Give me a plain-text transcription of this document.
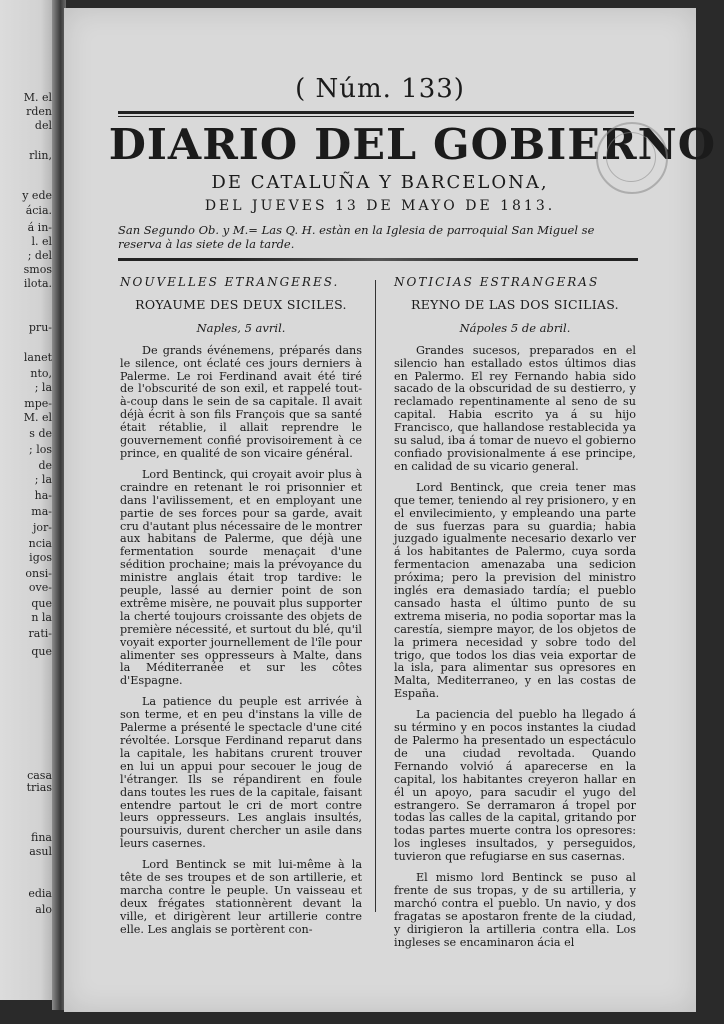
M. el
rden
del
rlin,
y ede
ácia.
á in-
l. el
; del
smos
ilota.
pru-
lanet
nto,
; la
mpe-
M. el
s de
; los
de
; la
ha-
ma-
jor-
ncia
igos
onsi-
ove-
que
n la
rati-
que
casa
trias
fina
asul
edia
alo
( Núm. 133)
DIARIO DEL GOBIERNO
DE CATALUÑA Y BARCELONA,
DEL JUEVES 13 DE MAYO DE 1813.
San Segundo Ob. y M.= Las Q. H. estàn en la Iglesia de parroquial San Miguel se reserva à las siete de la tarde.
NOUVELLES ETRANGERES.
ROYAUME DES DEUX SICILES.
Naples, 5 avril.

De grands événemens, préparés dans le silence, ont éclaté ces jours derniers à Palerme. Le roi Ferdinand avait été tiré de l'obscurité de son exil, et rappelé tout-à-coup dans le sein de sa capitale. Il avait déjà écrit à son fils François que sa santé était rétablie, il allait reprendre le gouvernement confié provisoirement à ce prince, en qualité de son vicaire général.

Lord Bentinck, qui croyait avoir plus à craindre en retenant le roi prisonnier et dans l'avilissement, et en employant une partie de ses forces pour sa garde, avait cru d'autant plus nécessaire de le montrer aux habitans de Palerme, que déjà une fermentation sourde menaçait d'une sédition prochaine; mais la prévoyance du ministre anglais était trop tardive: le peuple, lassé au dernier point de son extrême misère, ne pouvait plus supporter la cherté toujours croissante des objets de première nécessité, et surtout du blé, qu'il voyait exporter journellement de l'île pour alimenter ses oppresseurs à Malte, dans la Méditerranée et sur les côtes d'Espagne.

La patience du peuple est arrivée à son terme, et en peu d'instans la ville de Palerme a présenté le spectacle d'une cité révoltée. Lorsque Ferdinand reparut dans la capitale, les habitans crurent trouver en lui un appui pour secouer le joug de l'étranger. Ils se répandirent en foule dans toutes les rues de la capitale, faisant entendre partout le cri de mort contre leurs oppresseurs. Les anglais insultés, poursuivis, durent chercher un asile dans leurs casernes.

Lord Bentinck se mit lui-même à la tête de ses troupes et de son artillerie, et marcha contre le peuple. Un vaisseau et deux frégates stationnèrent devant la ville, et dirigèrent leur artillerie contre elle. Les anglais se portèrent con-

NOTICIAS ESTRANGERAS
REYNO DE LAS DOS SICILIAS.
Nápoles 5 de abril.

Grandes sucesos, preparados en el silencio han estallado estos últimos dias en Palermo. El rey Fernando habia sido sacado de la obscuridad de su destierro, y reclamado repentinamente al seno de su capital. Habia escrito ya á su hijo Francisco, que hallandose restablecida ya su salud, iba á tomar de nuevo el gobierno confiado provisionalmente á ese principe, en calidad de su vicario general.

Lord Bentinck, que creia tener mas que temer, teniendo al rey prisionero, y en el envilecimiento, y empleando una parte de sus fuerzas para su guardia; habia juzgado igualmente necesario dexarlo ver á los habitantes de Palermo, cuya sorda fermentacion amenazaba una sedicion próxima; pero la prevision del ministro inglés era demasiado tardía; el pueblo cansado hasta el último punto de su extrema miseria, no podia soportar mas la carestía, siempre mayor, de los objetos de la primera necesidad y sobre todo del trigo, que todos los dias veia exportar de la isla, para alimentar sus opresores en Malta, Mediterraneo, y en las costas de España.

La paciencia del pueblo ha llegado á su término y en pocos instantes la ciudad de Palermo ha presentado un espectáculo de una ciudad revoltada. Quando Fernando volvió á aparecerse en la capital, los habitantes creyeron hallar en él un apoyo, para sacudir el yugo del estrangero. Se derramaron á tropel por todas las calles de la capital, gritando por todas partes muerte contra los opresores: los ingleses insultados, y perseguidos, tuvieron que refugiarse en sus casernas.

El mismo lord Bentinck se puso al frente de sus tropas, y de su artilleria, y marchó contra el pueblo. Un navio, y dos fragatas se apostaron frente de la ciudad, y dirigieron la artilleria contra ella. Los ingleses se encaminaron ácia el
